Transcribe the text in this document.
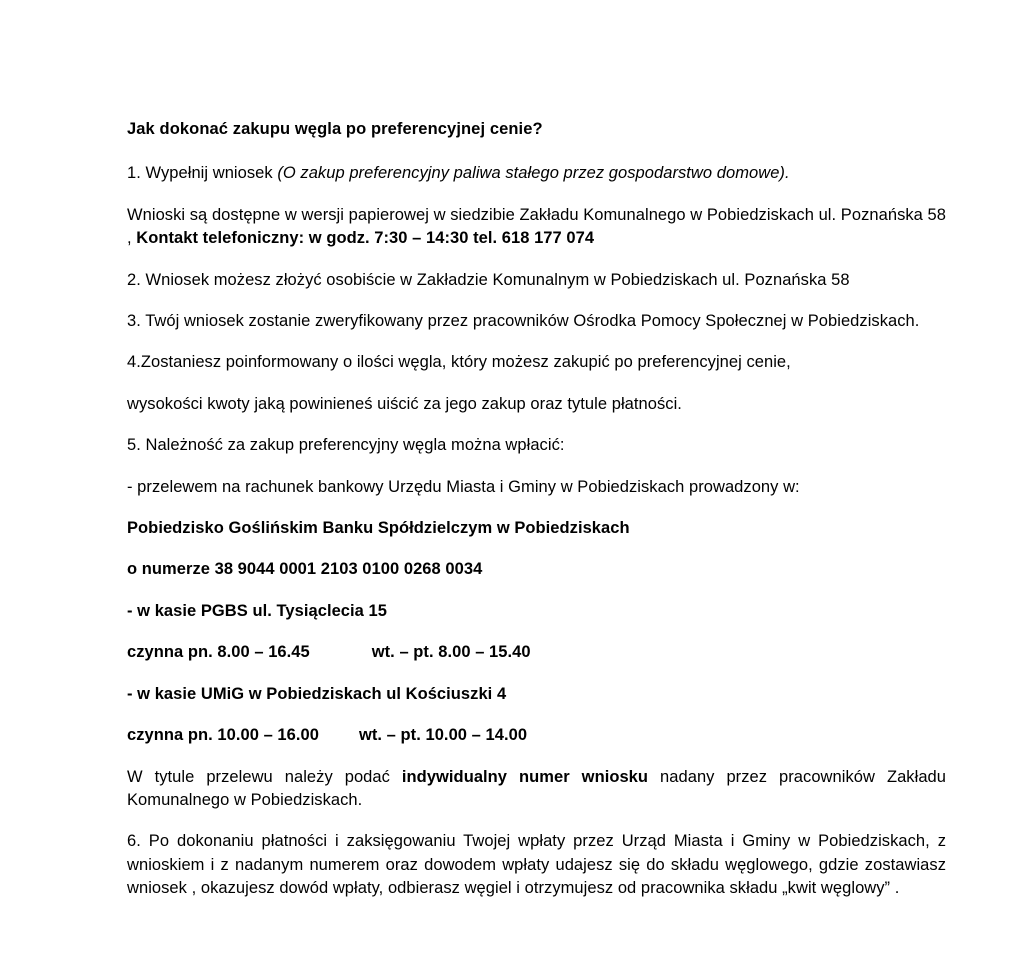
Jak dokonać zakupu węgla po preferencyjnej cenie?

1. Wypełnij wniosek (O zakup preferencyjny paliwa stałego przez gospodarstwo domowe).

Wnioski są dostępne w wersji papierowej w siedzibie Zakładu Komunalnego w Pobiedziskach ul. Poznańska 58 , Kontakt telefoniczny: w godz. 7:30 – 14:30 tel. 618 177 074

2. Wniosek możesz złożyć osobiście w Zakładzie Komunalnym w Pobiedziskach ul. Poznańska 58

3. Twój wniosek zostanie zweryfikowany przez pracowników Ośrodka Pomocy Społecznej w Pobiedziskach.

4.Zostaniesz poinformowany o ilości węgla, który możesz zakupić po preferencyjnej cenie,

wysokości kwoty jaką powinieneś uiścić za jego zakup oraz tytule płatności.

5. Należność za zakup preferencyjny węgla można wpłacić:

- przelewem na rachunek bankowy Urzędu Miasta i Gminy w Pobiedziskach prowadzony w:

Pobiedzisko Goślińskim Banku Spółdzielczym w Pobiedziskach

o numerze 38 9044 0001 2103 0100 0268 0034

- w kasie PGBS ul. Tysiąclecia 15

czynna pn. 8.00 – 16.45	wt. – pt. 8.00 – 15.40

- w kasie UMiG w Pobiedziskach ul Kościuszki 4

czynna pn. 10.00 – 16.00 wt. – pt. 10.00 – 14.00

W tytule przelewu należy podać indywidualny numer wniosku nadany przez pracowników Zakładu Komunalnego w Pobiedziskach.

6. Po dokonaniu płatności i zaksięgowaniu Twojej wpłaty przez Urząd Miasta i Gminy w Pobiedziskach, z wnioskiem i z nadanym numerem oraz dowodem wpłaty udajesz się do składu węglowego, gdzie zostawiasz wniosek , okazujesz dowód wpłaty, odbierasz węgiel i otrzymujesz od pracownika składu „kwit węglowy” .
